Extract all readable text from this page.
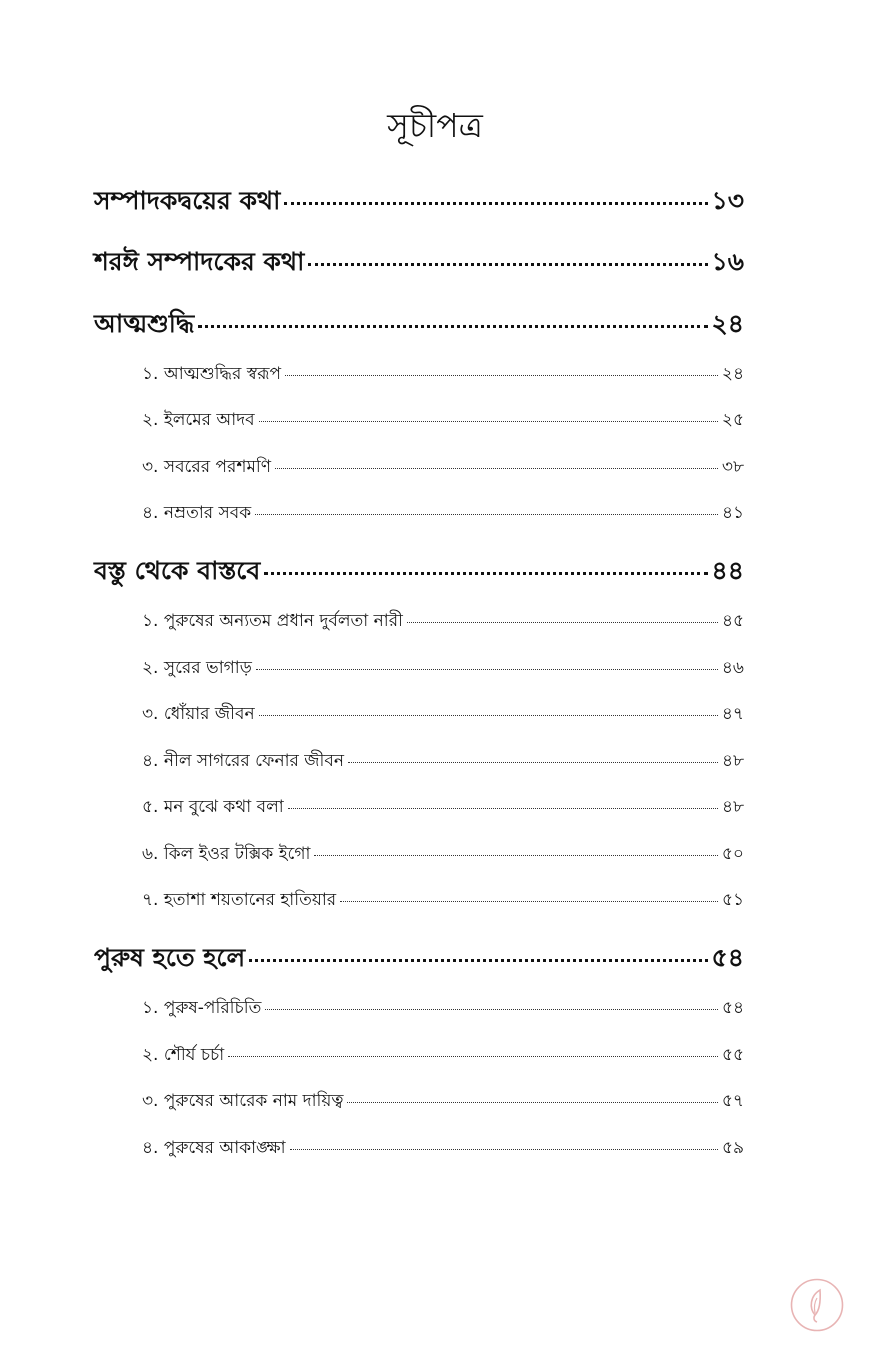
সূচীপত্র
সম্পাদকদ্বয়ের কথা	১৩
শরঈ সম্পাদকের কথা	১৬
আত্মশুদ্ধি	২৪
১. আত্মশুদ্ধির স্বরূপ	২৪
২. ইলমের আদব	২৫
৩. সবরের পরশমণি	৩৮
৪. নম্রতার সবক	৪১
বস্তু থেকে বাস্তবে	৪৪
১. পুরুষের অন্যতম প্রধান দুর্বলতা নারী	৪৫
২. সুরের ভাগাড়	৪৬
৩. ধোঁয়ার জীবন	৪৭
৪. নীল সাগরের ফেনার জীবন	৪৮
৫. মন বুঝে কথা বলা	৪৮
৬. কিল ইওর টক্সিক ইগো	৫০
৭. হতাশা শয়তানের হাতিয়ার	৫১
পুরুষ হতে হলে	৫৪
১. পুরুষ-পরিচিতি	৫৪
২. শৌর্য চর্চা	৫৫
৩. পুরুষের আরেক নাম দায়িত্ব	৫৭
৪. পুরুষের আকাঙ্ক্ষা	৫৯
